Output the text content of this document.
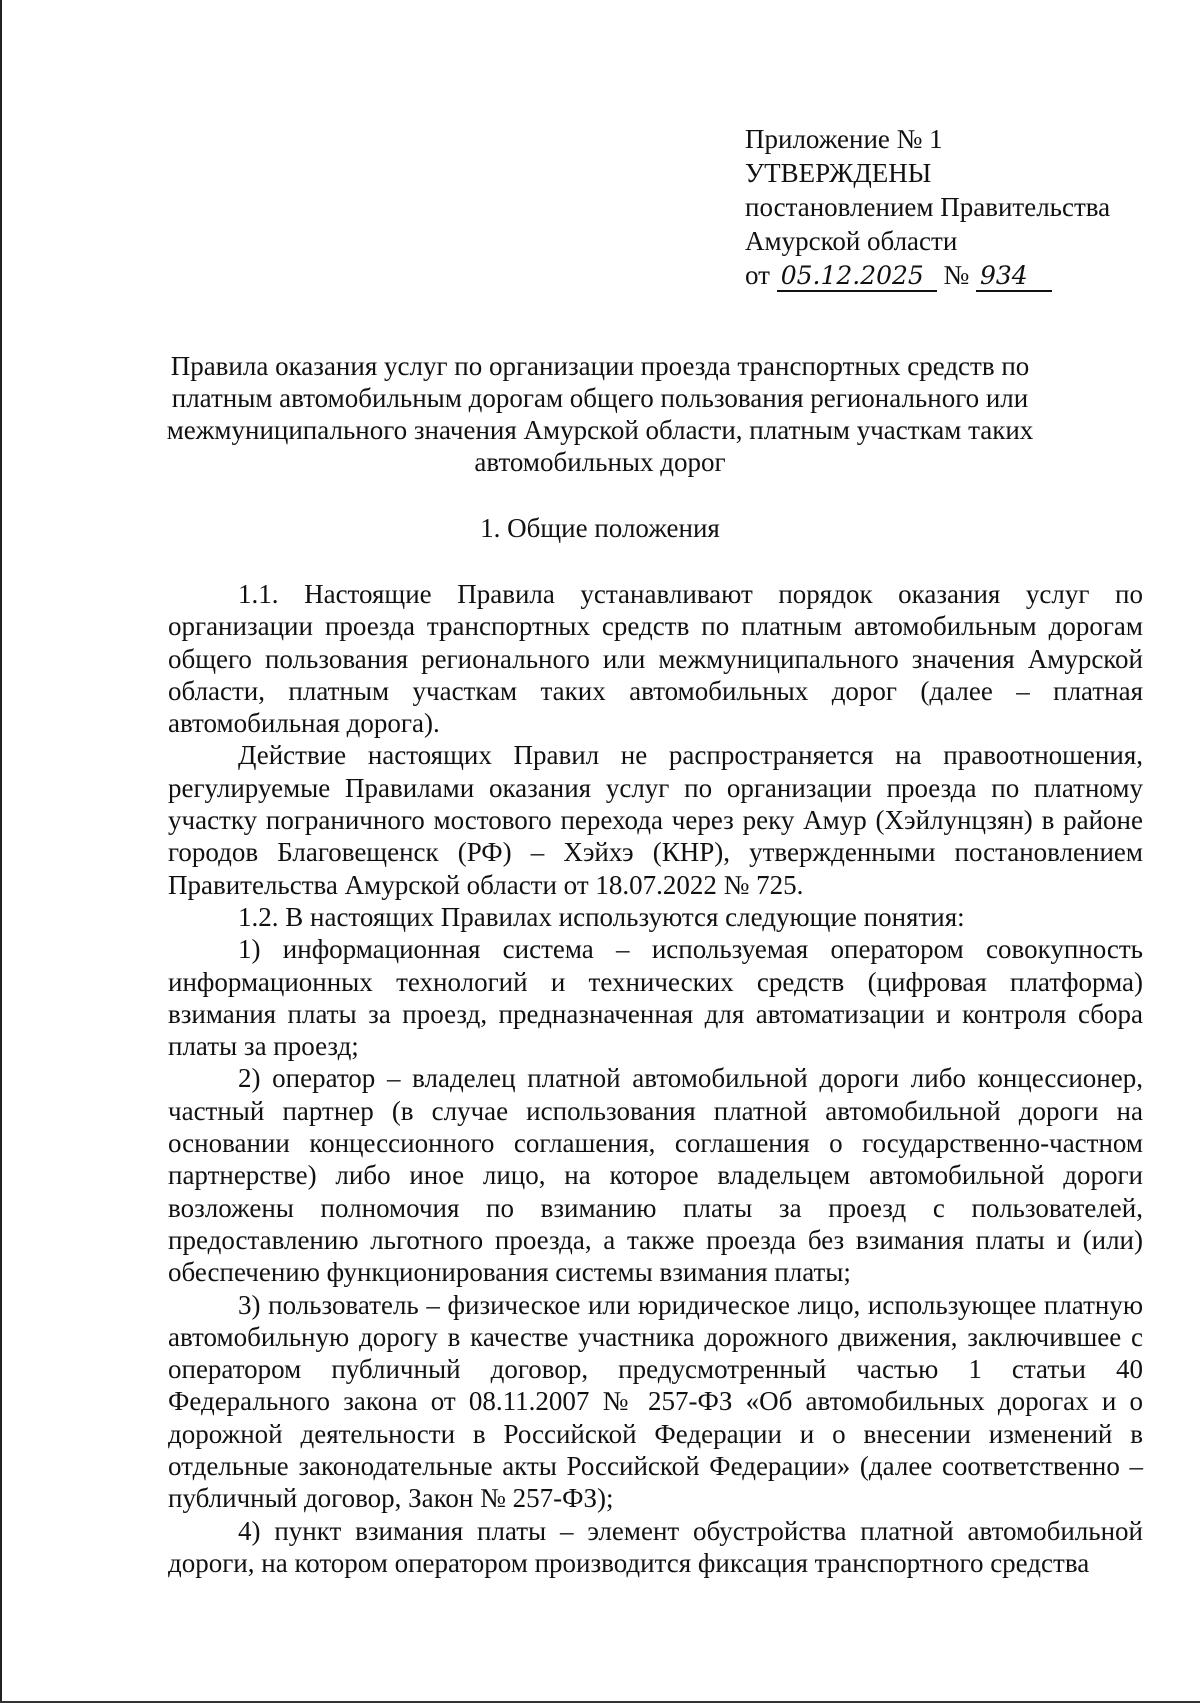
Приложение № 1
УТВЕРЖДЕНЫ
постановлением Правительства
Амурской области
от 05.12.2025 № 934
Правила оказания услуг по организации проезда транспортных средств по платным автомобильным дорогам общего пользования регионального или межмуниципального значения Амурской области, платным участкам таких автомобильных дорог
1. Общие положения

1.1. Настоящие Правила устанавливают порядок оказания услуг по организации проезда транспортных средств по платным автомобильным дорогам общего пользования регионального или межмуниципального значения Амурской области, платным участкам таких автомобильных дорог (далее – платная автомобильная дорога).

Действие настоящих Правил не распространяется на правоотношения, регулируемые Правилами оказания услуг по организации проезда по платному участку пограничного мостового перехода через реку Амур (Хэйлунцзян) в районе городов Благовещенск (РФ) – Хэйхэ (КНР), утвержденными постановлением Правительства Амурской области от 18.07.2022 № 725.

1.2. В настоящих Правилах используются следующие понятия:

1) информационная система – используемая оператором совокупность информационных технологий и технических средств (цифровая платформа) взимания платы за проезд, предназначенная для автоматизации и контроля сбора платы за проезд;

2) оператор – владелец платной автомобильной дороги либо концессионер, частный партнер (в случае использования платной автомобильной дороги на основании концессионного соглашения, соглашения о государственно-частном партнерстве) либо иное лицо, на которое владельцем автомобильной дороги возложены полномочия по взиманию платы за проезд с пользователей, предоставлению льготного проезда, а также проезда без взимания платы и (или) обеспечению функционирования системы взимания платы;

3) пользователь – физическое или юридическое лицо, использующее платную автомобильную дорогу в качестве участника дорожного движения, заключившее с оператором публичный договор, предусмотренный частью 1 статьи 40 Федерального закона от 08.11.2007 № 257-ФЗ «Об автомобильных дорогах и о дорожной деятельности в Российской Федерации и о внесении изменений в отдельные законодательные акты Российской Федерации» (далее соответственно – публичный договор, Закон № 257-ФЗ);

4) пункт взимания платы – элемент обустройства платной автомобильной дороги, на котором оператором производится фиксация транспортного средства
